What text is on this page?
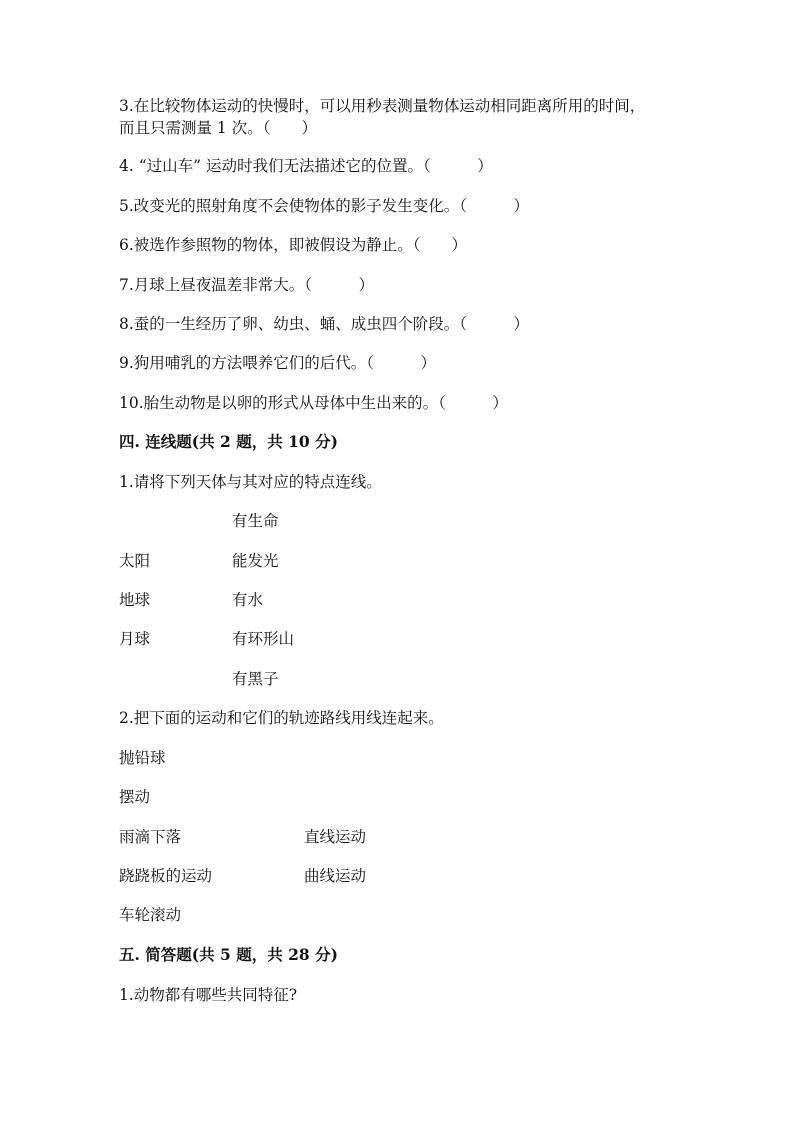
3.在比较物体运动的快慢时，可以用秒表测量物体运动相同距离所用的时间，
而且只需测量 1 次。（　　）
4. “过山车” 运动时我们无法描述它的位置。（　　　）
5.改变光的照射角度不会使物体的影子发生变化。（　　　）
6.被选作参照物的物体，即被假设为静止。（　　）
7.月球上昼夜温差非常大。（　　　）
8.蚕的一生经历了卵、幼虫、蛹、成虫四个阶段。（　　　）
9.狗用哺乳的方法喂养它们的后代。（　　　）
10.胎生动物是以卵的形式从母体中生出来的。（　　　）
四. 连线题(共 2 题，共 10 分)
1.请将下列天体与其对应的特点连线。
有生命
太阳	能发光
地球	有水
月球	有环形山
有黑子
2.把下面的运动和它们的轨迹路线用线连起来。
抛铅球
摆动
雨滴下落	直线运动
跷跷板的运动	曲线运动
车轮滚动
五. 简答题(共 5 题，共 28 分)
1.动物都有哪些共同特征?
